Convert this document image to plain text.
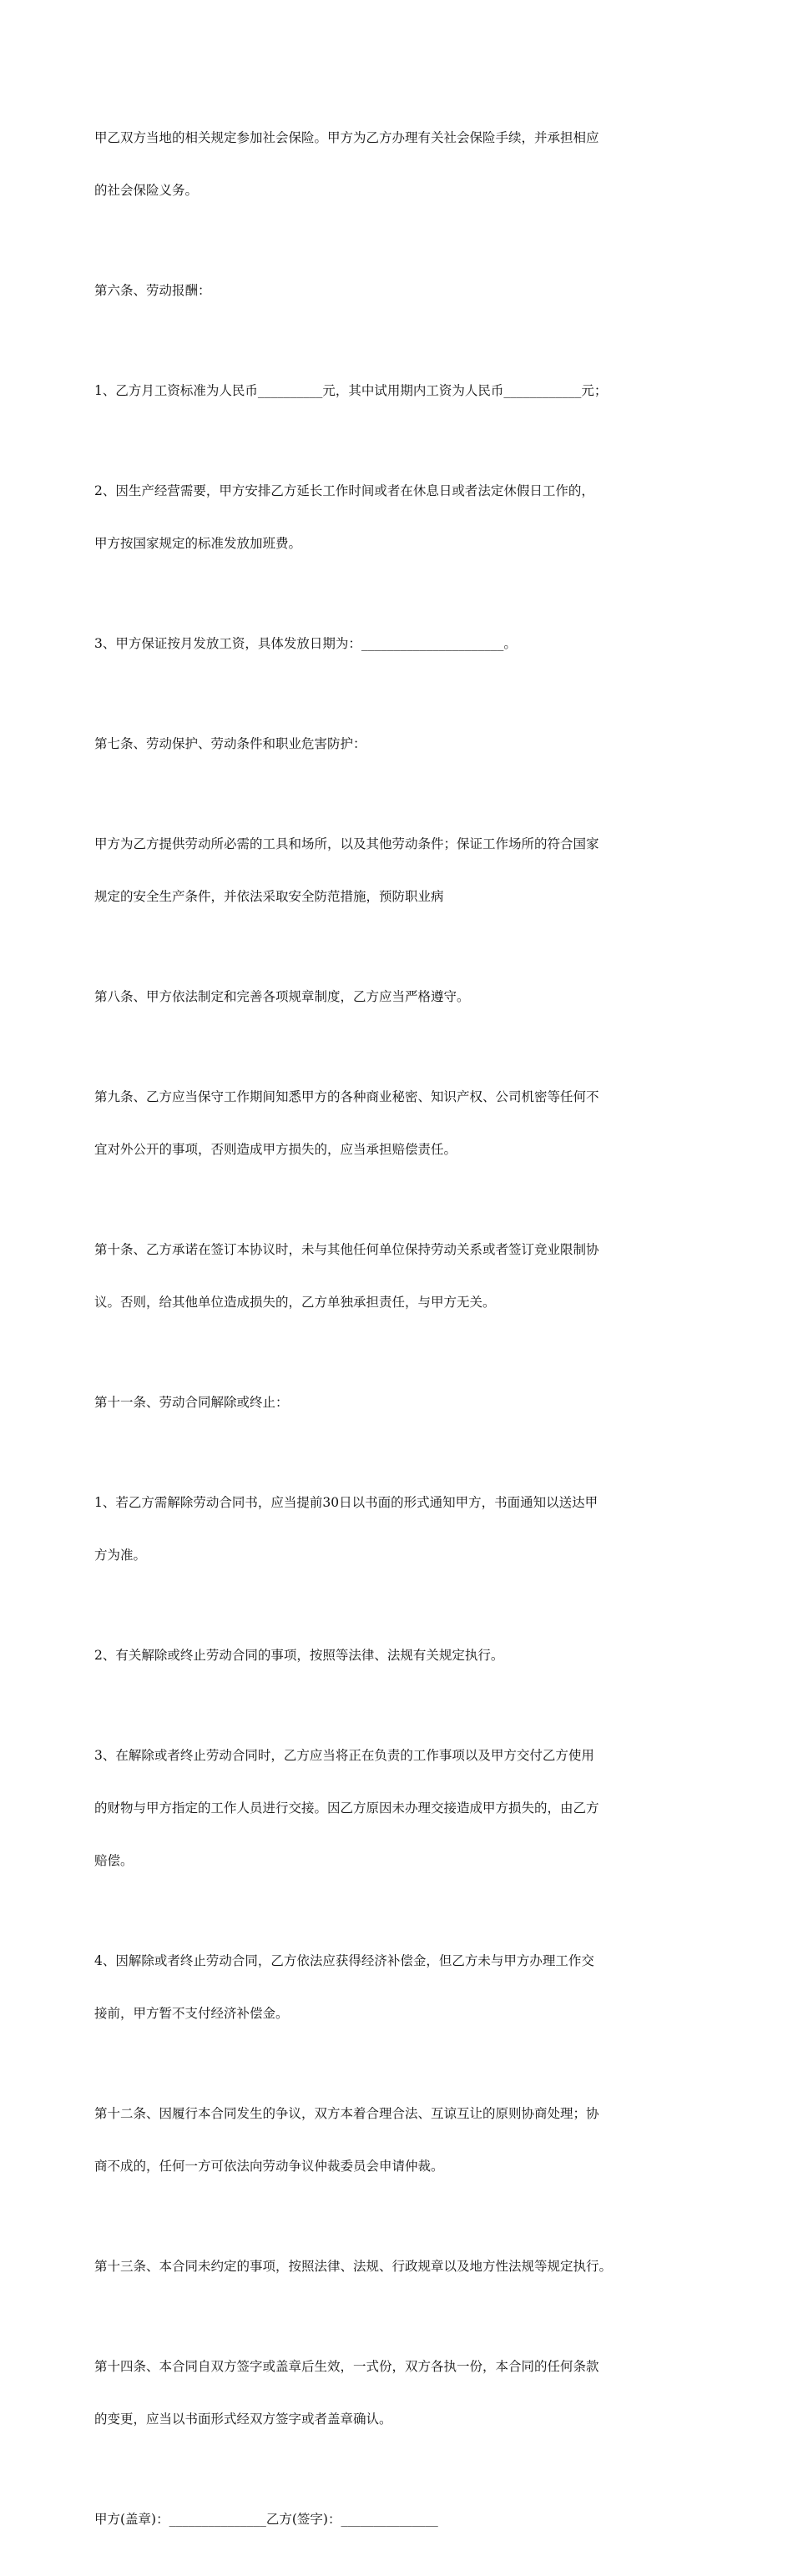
甲乙双方当地的相关规定参加社会保险。甲方为乙方办理有关社会保险手续，并承担相应

的社会保险义务。

第六条、劳动报酬：

1、乙方月工资标准为人民币__________元，其中试用期内工资为人民币____________元；

2、因生产经营需要，甲方安排乙方延长工作时间或者在休息日或者法定休假日工作的，

甲方按国家规定的标准发放加班费。

3、甲方保证按月发放工资，具体发放日期为：______________________。

第七条、劳动保护、劳动条件和职业危害防护：

甲方为乙方提供劳动所必需的工具和场所，以及其他劳动条件；保证工作场所的符合国家

规定的安全生产条件，并依法采取安全防范措施，预防职业病

第八条、甲方依法制定和完善各项规章制度，乙方应当严格遵守。

第九条、乙方应当保守工作期间知悉甲方的各种商业秘密、知识产权、公司机密等任何不

宜对外公开的事项，否则造成甲方损失的，应当承担赔偿责任。

第十条、乙方承诺在签订本协议时，未与其他任何单位保持劳动关系或者签订竞业限制协

议。否则，给其他单位造成损失的，乙方单独承担责任，与甲方无关。

第十一条、劳动合同解除或终止：

1、若乙方需解除劳动合同书，应当提前30日以书面的形式通知甲方，书面通知以送达甲

方为准。

2、有关解除或终止劳动合同的事项，按照等法律、法规有关规定执行。

3、在解除或者终止劳动合同时，乙方应当将正在负责的工作事项以及甲方交付乙方使用

的财物与甲方指定的工作人员进行交接。因乙方原因未办理交接造成甲方损失的，由乙方

赔偿。

4、因解除或者终止劳动合同，乙方依法应获得经济补偿金，但乙方未与甲方办理工作交

接前，甲方暂不支付经济补偿金。

第十二条、因履行本合同发生的争议，双方本着合理合法、互谅互让的原则协商处理；协

商不成的，任何一方可依法向劳动争议仲裁委员会申请仲裁。

第十三条、本合同未约定的事项，按照法律、法规、行政规章以及地方性法规等规定执行。

第十四条、本合同自双方签字或盖章后生效，一式份，双方各执一份，本合同的任何条款

的变更，应当以书面形式经双方签字或者盖章确认。

甲方(盖章)：_______________乙方(签字)：_______________
